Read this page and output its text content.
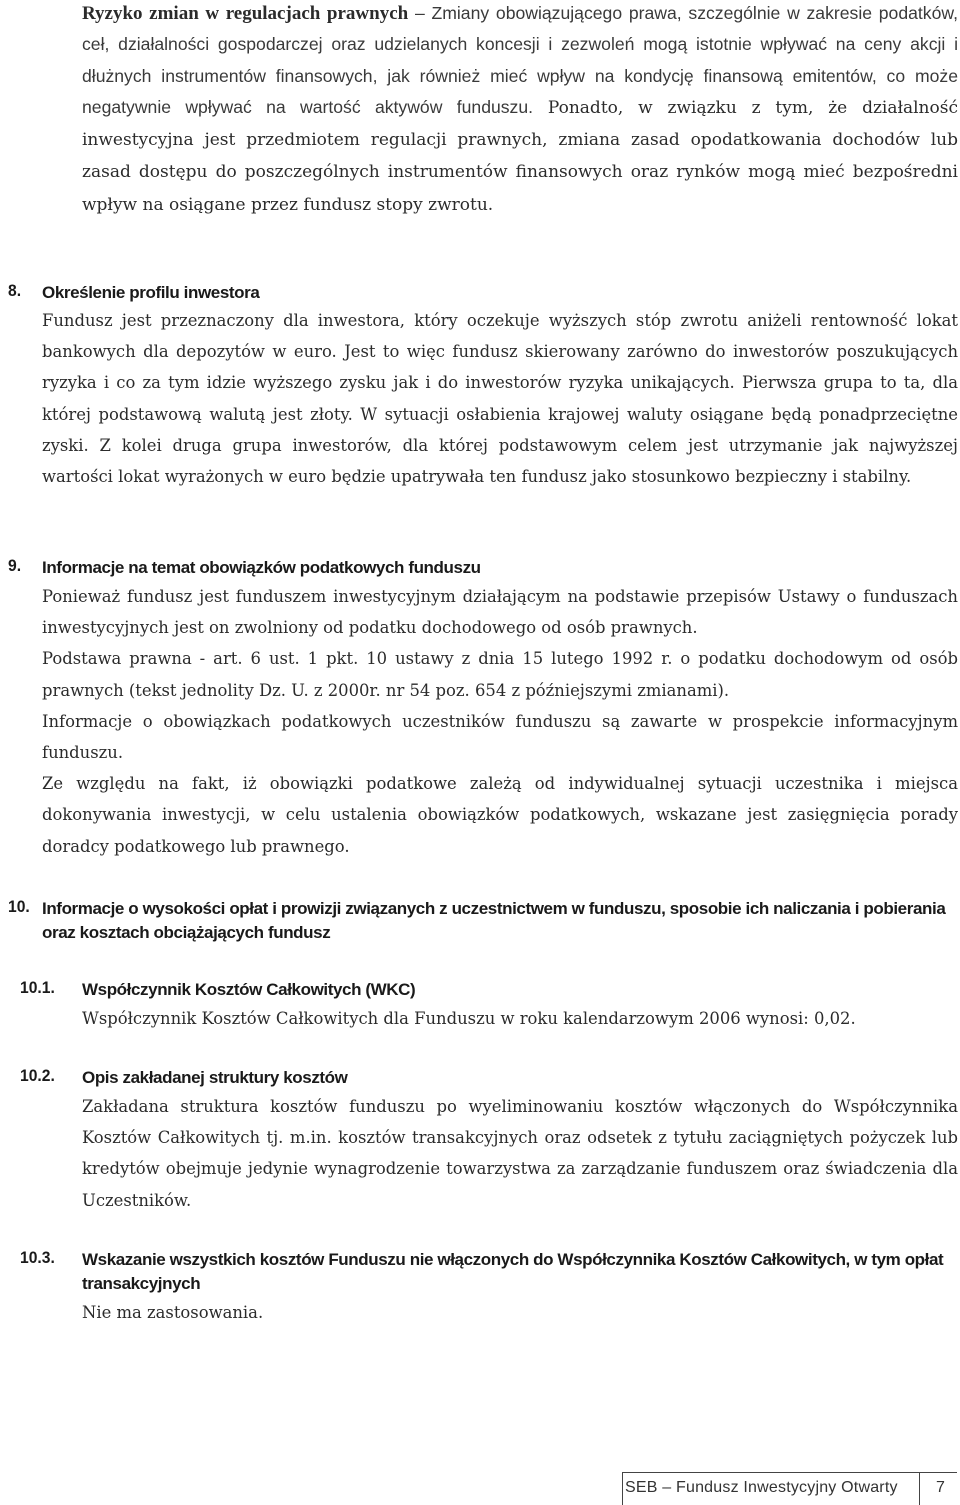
Ryzyko zmian w regulacjach prawnych – Zmiany obowiązującego prawa, szczególnie w zakresie podatków, ceł, działalności gospodarczej oraz udzielanych koncesji i zezwoleń mogą istotnie wpływać na ceny akcji i dłużnych instrumentów finansowych, jak również mieć wpływ na kondycję finansową emitentów, co może negatywnie wpływać na wartość aktywów funduszu. Ponadto, w związku z tym, że działalność inwestycyjna jest przedmiotem regulacji prawnych, zmiana zasad opodatkowania dochodów lub zasad dostępu do poszczególnych instrumentów finansowych oraz rynków mogą mieć bezpośredni wpływ na osiągane przez fundusz stopy zwrotu.
8. Określenie profilu inwestora

Fundusz jest przeznaczony dla inwestora, który oczekuje wyższych stóp zwrotu aniżeli rentowność lokat bankowych dla depozytów w euro. Jest to więc fundusz skierowany zarówno do inwestorów poszukujących ryzyka i co za tym idzie wyższego zysku jak i do inwestorów ryzyka unikających. Pierwsza grupa to ta, dla której podstawową walutą jest złoty. W sytuacji osłabienia krajowej waluty osiągane będą ponadprzeciętne zyski. Z kolei druga grupa inwestorów, dla której podstawowym celem jest utrzymanie jak najwyższej wartości lokat wyrażonych w euro będzie upatrywała ten fundusz jako stosunkowo bezpieczny i stabilny.

9. Informacje na temat obowiązków podatkowych funduszu

Ponieważ fundusz jest funduszem inwestycyjnym działającym na podstawie przepisów Ustawy o funduszach inwestycyjnych jest on zwolniony od podatku dochodowego od osób prawnych.

Podstawa prawna - art. 6 ust. 1 pkt. 10 ustawy z dnia 15 lutego 1992 r. o podatku dochodowym od osób prawnych (tekst jednolity Dz. U. z 2000r. nr 54 poz. 654 z późniejszymi zmianami).

Informacje o obowiązkach podatkowych uczestników funduszu są zawarte w prospekcie informacyjnym funduszu.

Ze względu na fakt, iż obowiązki podatkowe zależą od indywidualnej sytuacji uczestnika i miejsca dokonywania inwestycji, w celu ustalenia obowiązków podatkowych, wskazane jest zasięgnięcia porady doradcy podatkowego lub prawnego.

10. Informacje o wysokości opłat i prowizji związanych z uczestnictwem w funduszu, sposobie ich naliczania i pobierania oraz kosztach obciążających fundusz
10.1. Współczynnik Kosztów Całkowitych (WKC)

Współczynnik Kosztów Całkowitych dla Funduszu w roku kalendarzowym 2006 wynosi: 0,02.

10.2. Opis zakładanej struktury kosztów

Zakładana struktura kosztów funduszu po wyeliminowaniu kosztów włączonych do Współczynnika Kosztów Całkowitych tj. m.in. kosztów transakcyjnych oraz odsetek z tytułu zaciągniętych pożyczek lub kredytów obejmuje jedynie wynagrodzenie towarzystwa za zarządzanie funduszem oraz świadczenia dla Uczestników.

10.3. Wskazanie wszystkich kosztów Funduszu nie włączonych do Współczynnika Kosztów Całkowitych, w tym opłat transakcyjnych

Nie ma zastosowania.

SEB – Fundusz Inwestycyjny Otwarty 7
